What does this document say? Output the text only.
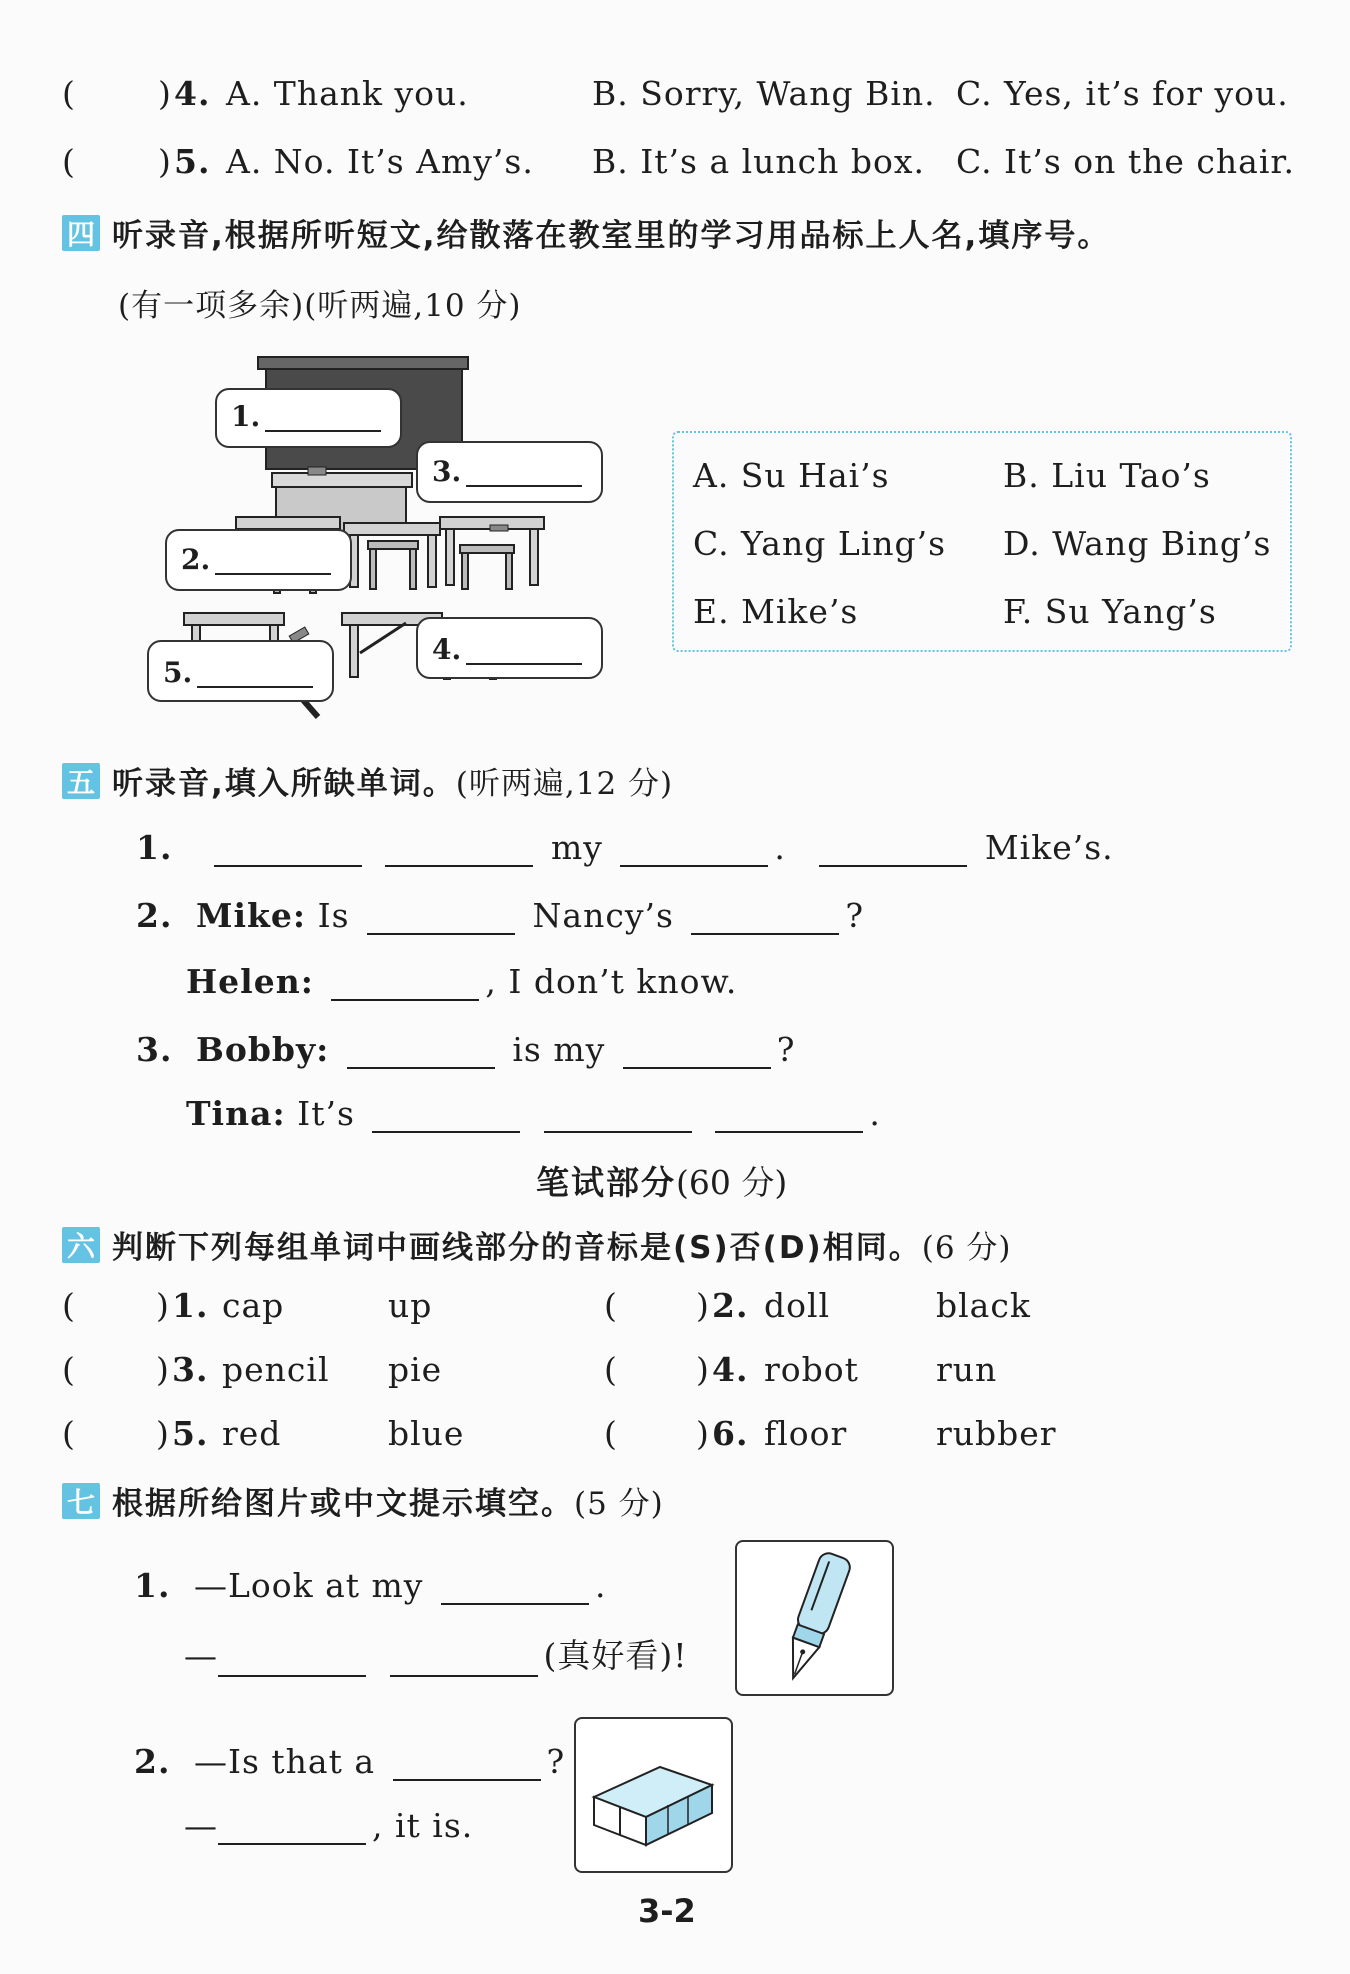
(	) 4. A. Thank you.	B. Sorry, Wang Bin. C. Yes, it’s for you.
(	) 5. A. No. It’s Amy’s. B. It’s a lunch box. C. It’s on the chair.
四 听录音,根据所听短文,给散落在教室里的学习用品标上人名,填序号。
(有一项多余)(听两遍,10 分)
1.
3.
2.
4.
5.
A. Su Hai’s	B. Liu Tao’s
C. Yang Ling’s D. Wang Bing’s
E. Mike’s	F. Su Yang’s
五 听录音,填入所缺单词。 (听两遍,12 分)
1.	my	.	Mike’s.
2. Mike: Is	Nancy’s	?
Helen:	, I don’t know.
3. Bobby:	is my	?
Tina: It’s	.
笔试部分(60 分)
六 判断下列每组单词中画线部分的音标是(S)否(D)相同。 (6 分)
( ) 1. cap	up	( ) 2. doll	black
( ) 3. pencil pie	( ) 4. robot run
( ) 5. red	blue	( ) 6. floor	rubber
七 根据所给图片或中文提示填空。 (5 分)
1. —Look at my	.
—	(真好看)!
2. —Is that a	?
—	, it is.
3-2
